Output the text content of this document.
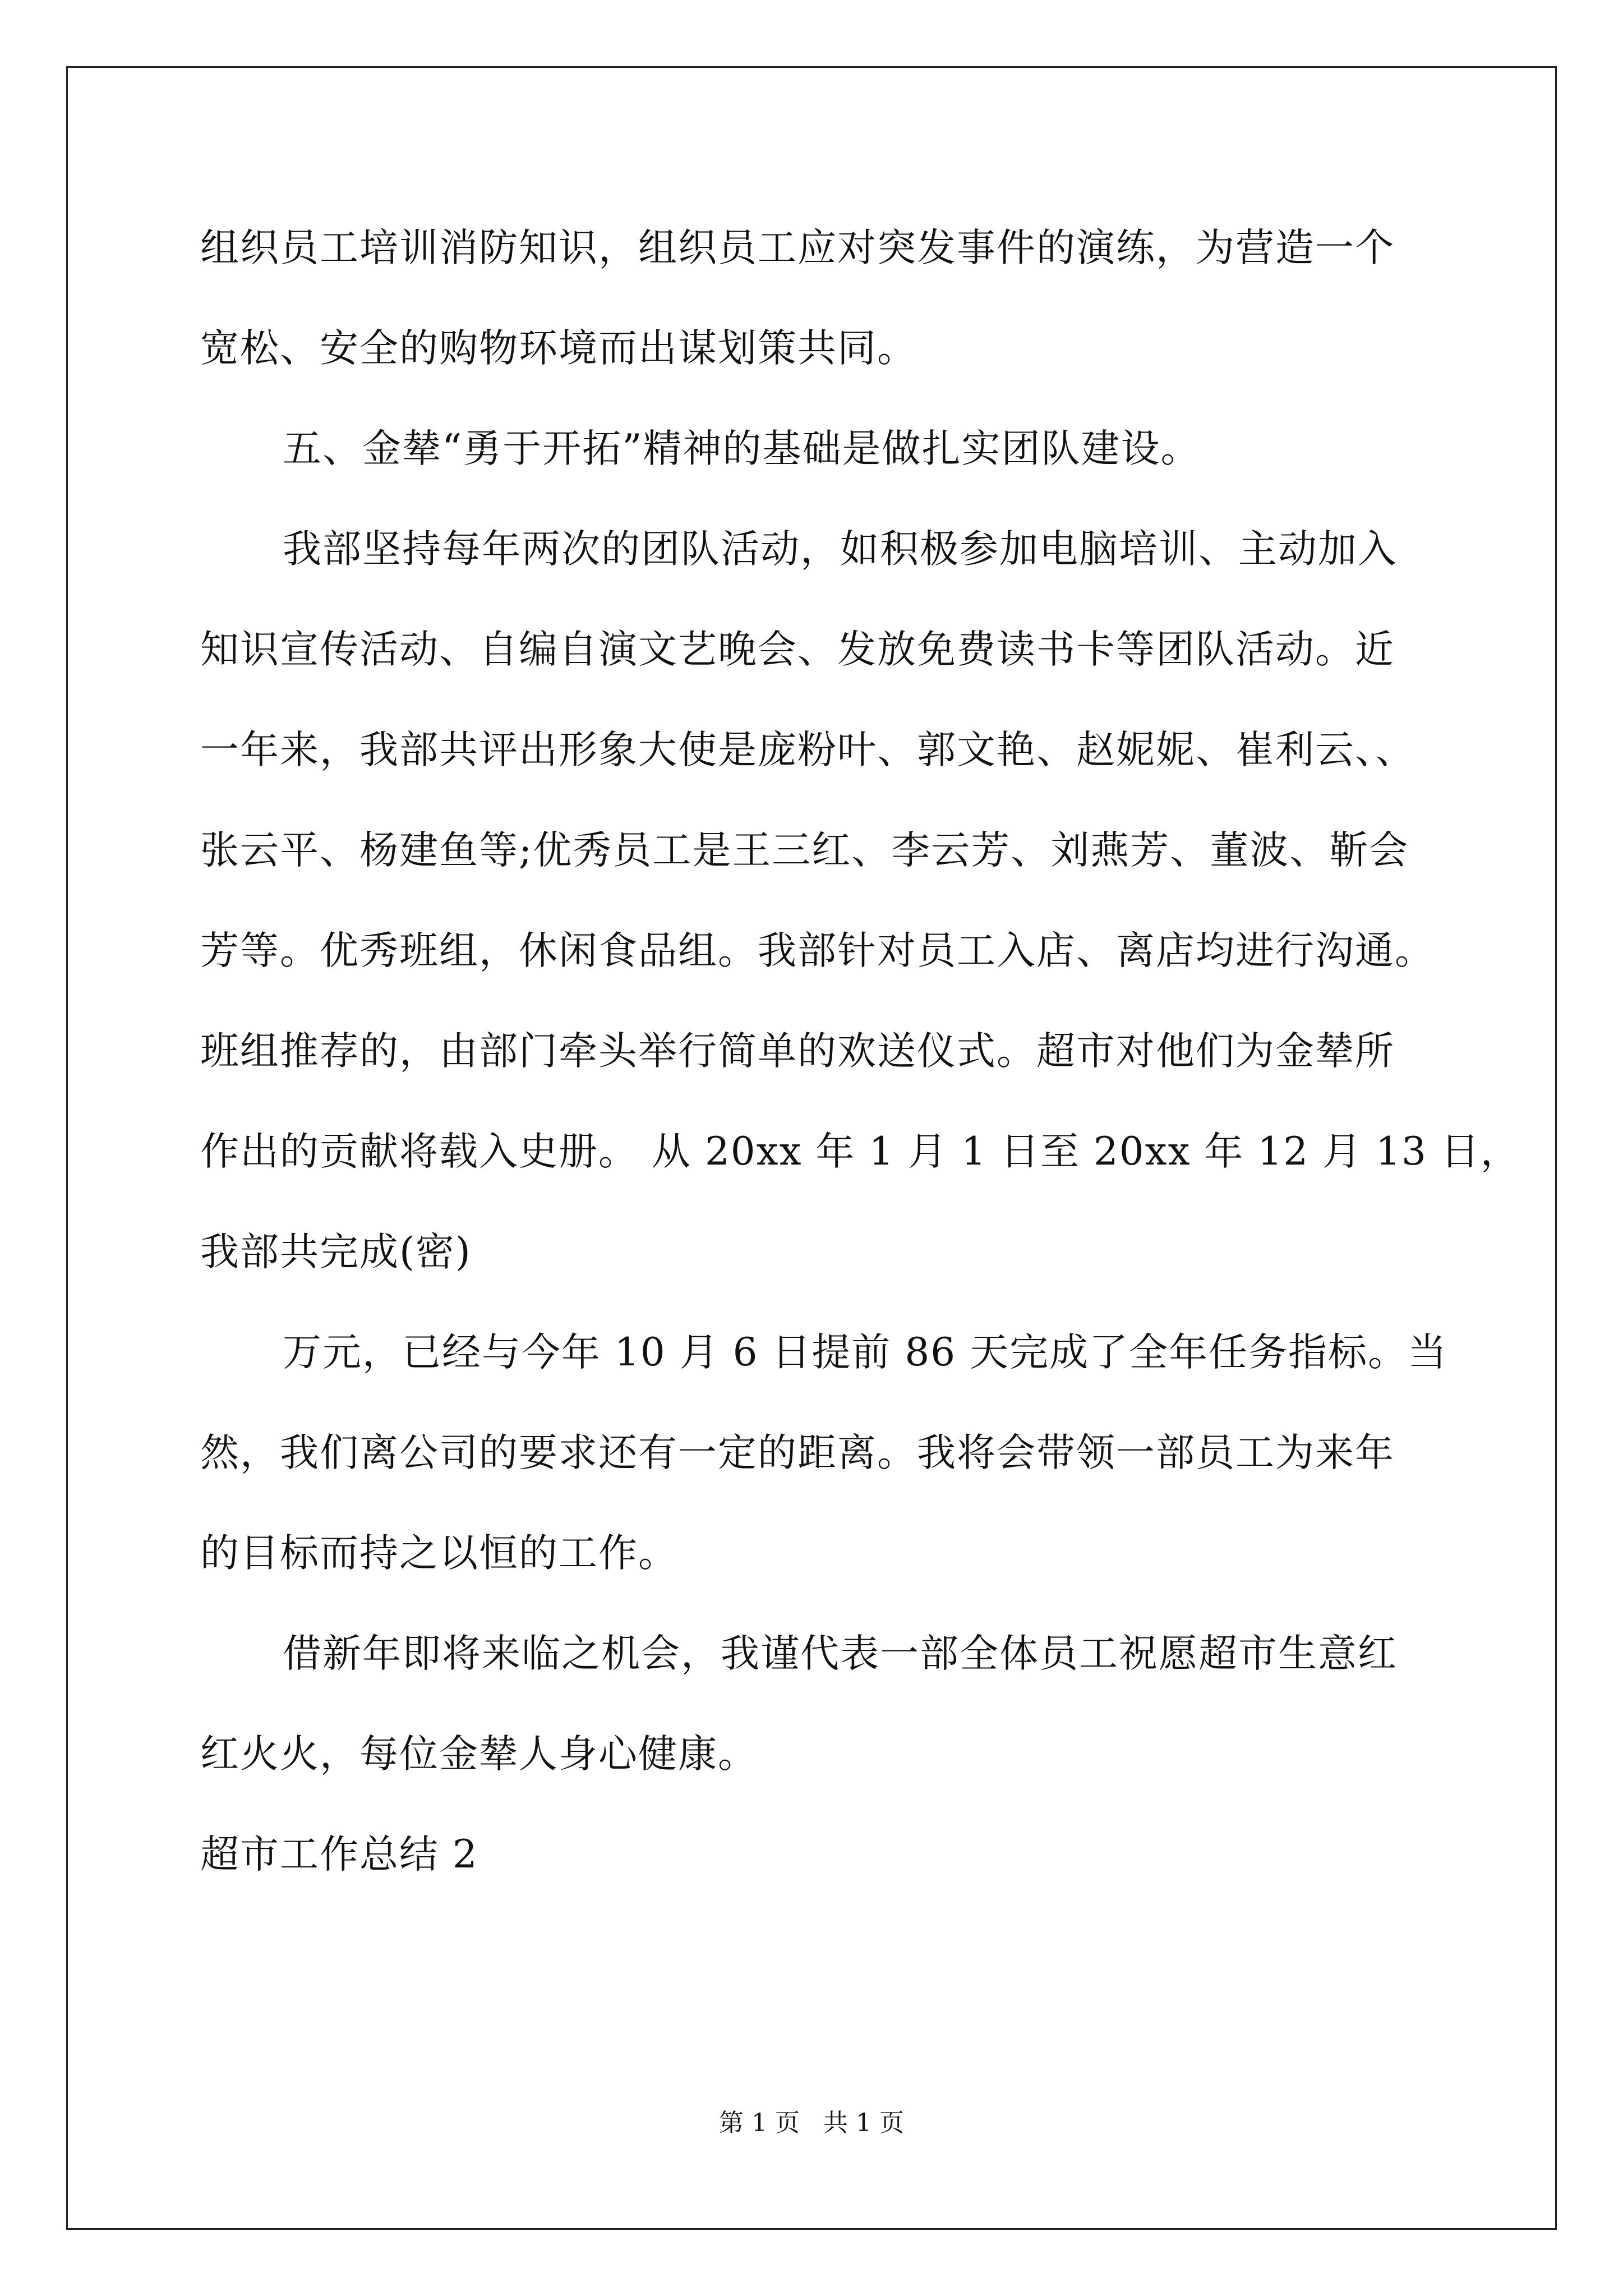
组织员工培训消防知识，组织员工应对突发事件的演练，为营造一个
宽松、安全的购物环境而出谋划策共同。
五、金辇“勇于开拓”精神的基础是做扎实团队建设。
我部坚持每年两次的团队活动，如积极参加电脑培训、主动加入
知识宣传活动、自编自演文艺晚会、发放免费读书卡等团队活动。近
一年来，我部共评出形象大使是庞粉叶、郭文艳、赵妮妮、崔利云、、
张云平、杨建鱼等;优秀员工是王三红、李云芳、刘燕芳、董波、靳会
芳等。优秀班组，休闲食品组。我部针对员工入店、离店均进行沟通。
班组推荐的，由部门牵头举行简单的欢送仪式。超市对他们为金辇所
作出的贡献将载入史册。 从 20xx 年 1 月 1 日至 20xx 年 12 月 13 日，
我部共完成(密)
万元，已经与今年 10 月 6 日提前 86 天完成了全年任务指标。当
然，我们离公司的要求还有一定的距离。我将会带领一部员工为来年
的目标而持之以恒的工作。
借新年即将来临之机会，我谨代表一部全体员工祝愿超市生意红
红火火，每位金辇人身心健康。
超市工作总结 2
第 1 页   共 1 页
